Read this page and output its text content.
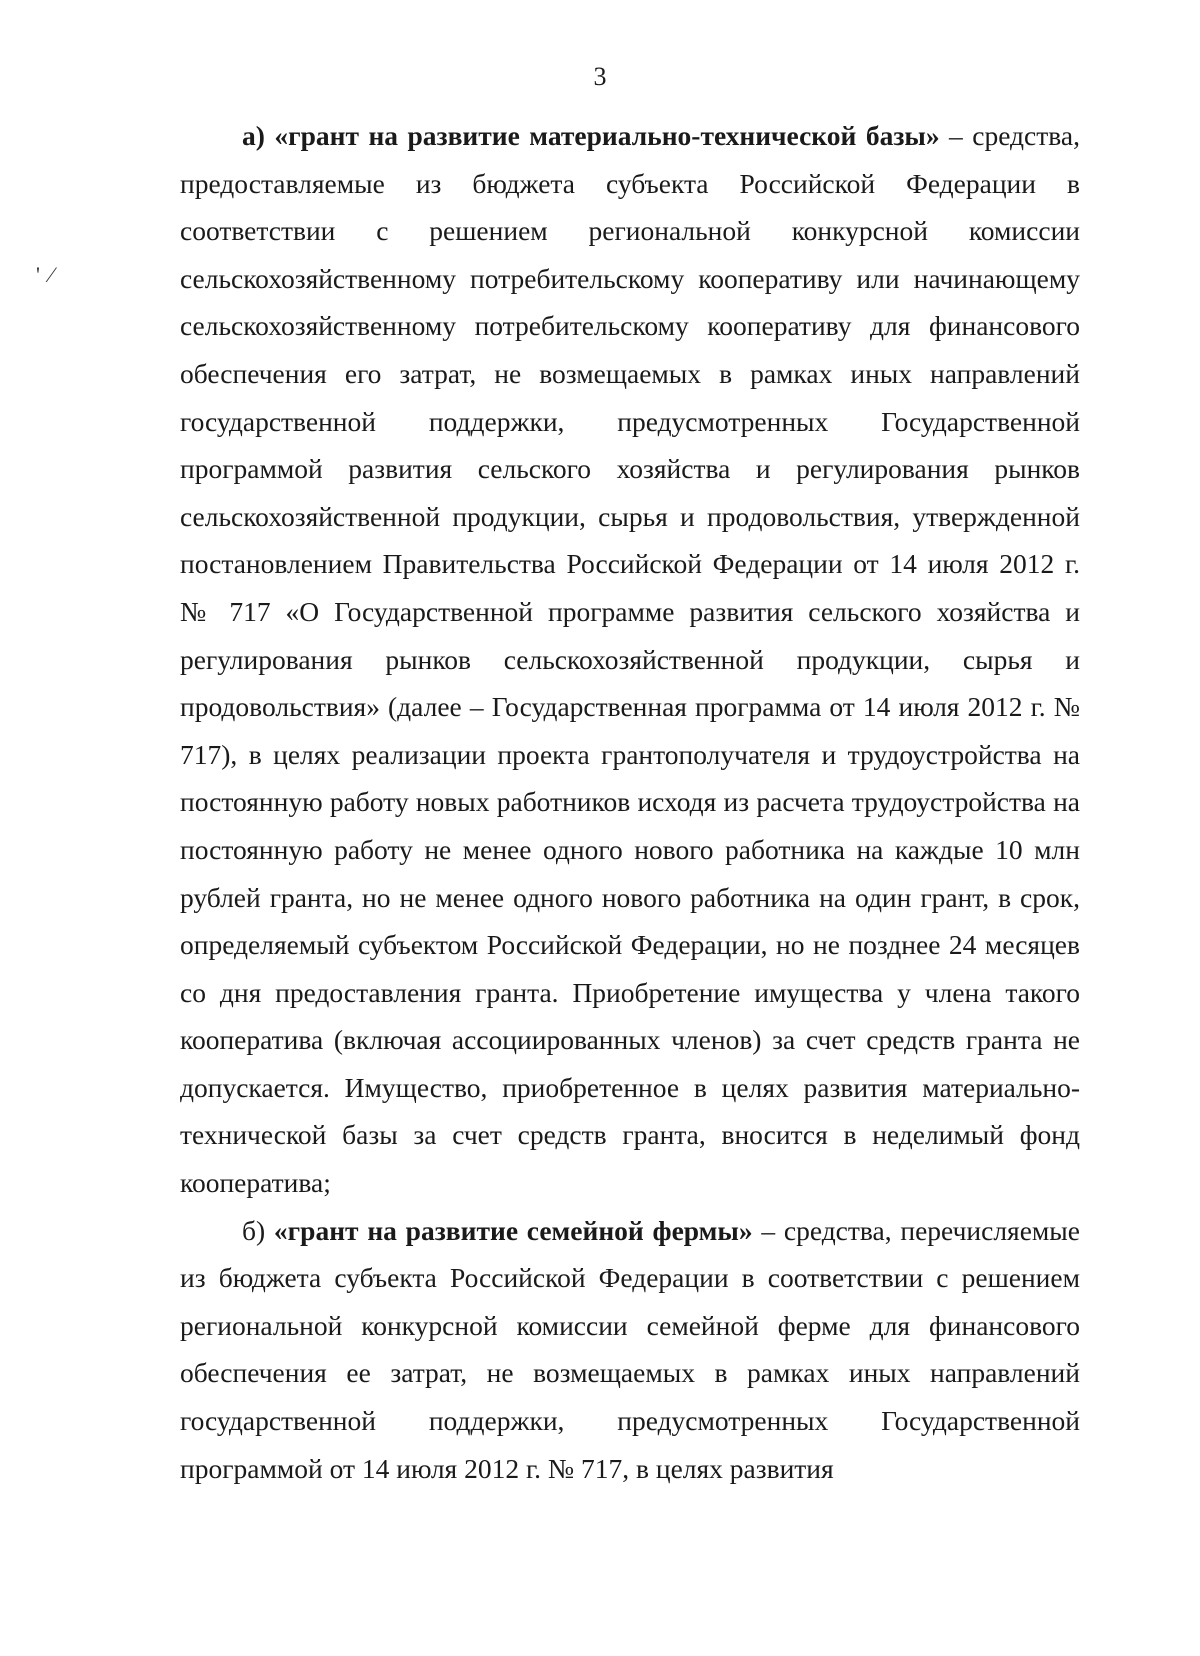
3
' ⁄

а) «грант на развитие материально-технической базы» – средства, предоставляемые из бюджета субъекта Российской Федерации в соответствии с решением региональной конкурсной комиссии сельскохозяйственному потребительскому кооперативу или начинающему сельскохозяйственному потребительскому кооперативу для финансового обеспечения его затрат, не возмещаемых в рамках иных направлений государственной поддержки, предусмотренных Государственной программой развития сельского хозяйства и регулирования рынков сельскохозяйственной продукции, сырья и продовольствия, утвержденной постановлением Правительства Российской Федерации от 14 июля 2012 г. № 717 «О Государственной программе развития сельского хозяйства и регулирования рынков сельскохозяйственной продукции, сырья и продовольствия» (далее – Государственная программа от 14 июля 2012 г. № 717), в целях реализации проекта грантополучателя и трудоустройства на постоянную работу новых работников исходя из расчета трудоустройства на постоянную работу не менее одного нового работника на каждые 10 млн рублей гранта, но не менее одного нового работника на один грант, в срок, определяемый субъектом Российской Федерации, но не позднее 24 месяцев со дня предоставления гранта. Приобретение имущества у члена такого кооператива (включая ассоциированных членов) за счет средств гранта не допускается. Имущество, приобретенное в целях развития материально-технической базы за счет средств гранта, вносится в неделимый фонд кооператива;

б) «грант на развитие семейной фермы» – средства, перечисляемые из бюджета субъекта Российской Федерации в соответствии с решением региональной конкурсной комиссии семейной ферме для финансового обеспечения ее затрат, не возмещаемых в рамках иных направлений государственной поддержки, предусмотренных Государственной программой от 14 июля 2012 г. № 717, в целях развития
